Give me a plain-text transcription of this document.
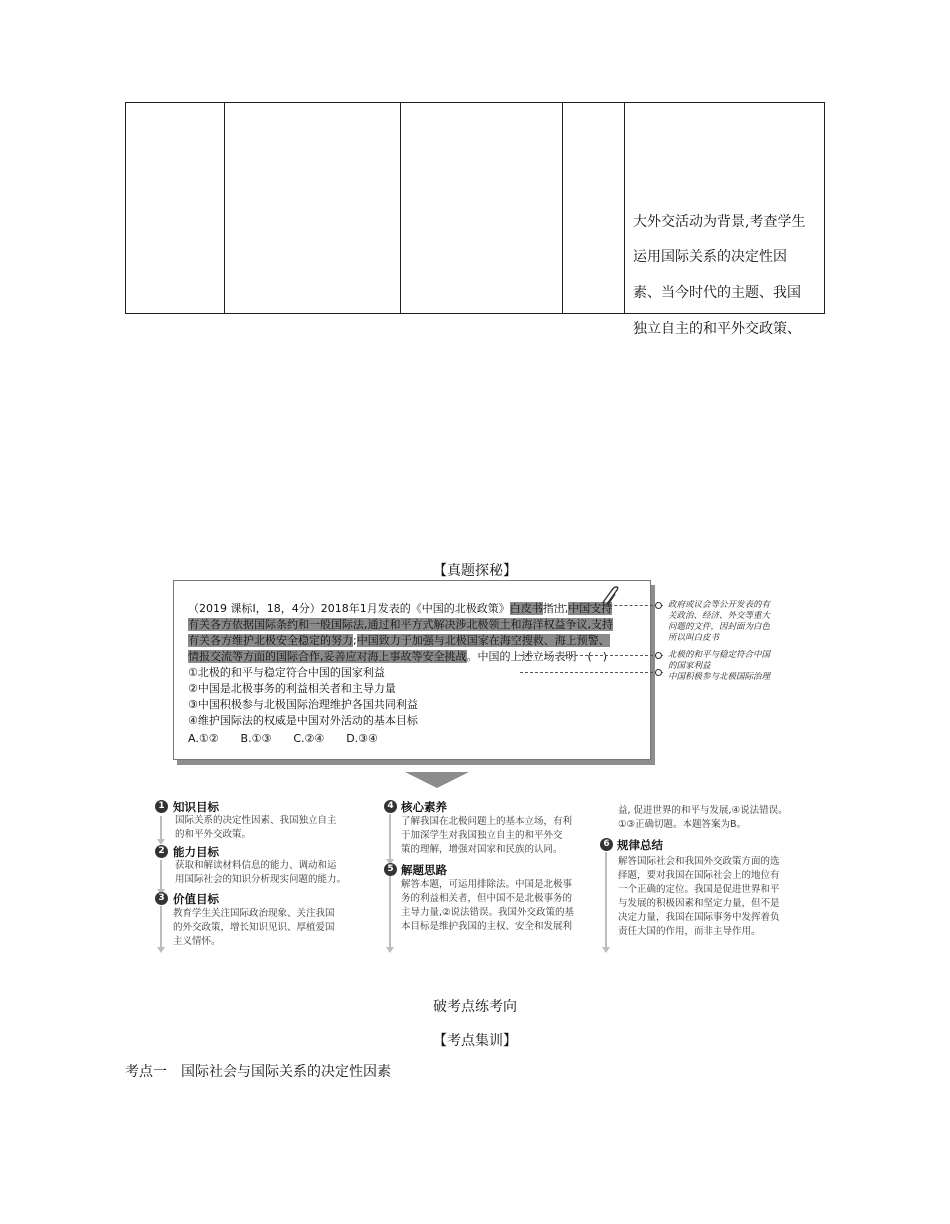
大外交活动为背景,考查学生
运用国际关系的决定性因
素、当今时代的主题、我国
独立自主的和平外交政策、
【真题探秘】
（2019 课标Ⅰ，18，4分）2018年1月发表的《中国的北极政策》白皮书指出,中国支持
有关各方依据国际条约和一般国际法,通过和平方式解决涉北极领土和海洋权益争议,支持
有关各方维护北极安全稳定的努力;中国致力于加强与北极国家在海空搜救、海上预警、
情报交流等方面的国际合作,妥善应对海上事故等安全挑战。中国的上述立场表明　(　)
①北极的和平与稳定符合中国的国家利益
②中国是北极事务的利益相关者和主导力量
③中国积极参与北极国际治理维护各国共同利益
④维护国际法的权威是中国对外活动的基本目标
A.①②　　B.①③　　C.②④　　D.③④
政府或议会等公开发表的有
关政治、经济、外交等重大
问题的文件，因封面为白色
所以叫白皮书
北极的和平与稳定符合中国
的国家利益
中国积极参与北极国际治理
1 知识目标
国际关系的决定性因素、我国独立自主
的和平外交政策。
2 能力目标
获取和解读材料信息的能力、调动和运
用国际社会的知识分析现实问题的能力。
3 价值目标
教育学生关注国际政治现象、关注我国
的外交政策，增长知识见识、厚植爱国
主义情怀。
4 核心素养
了解我国在北极问题上的基本立场，有利
于加深学生对我国独立自主的和平外交
策的理解，增强对国家和民族的认同。
5 解题思路
解答本题，可运用排除法。中国是北极事
务的利益相关者，但中国不是北极事务的
主导力量,②说法错误。我国外交政策的基
本目标是维护我国的主权、安全和发展利
益, 促进世界的和平与发展,④说法错误。
①③正确切题。本题答案为B。
6 规律总结
解答国际社会和我国外交政策方面的选
择题，要对我国在国际社会上的地位有
一个正确的定位。我国是促进世界和平
与发展的积极因素和坚定力量，但不是
决定力量，我国在国际事务中发挥着负
责任大国的作用，而非主导作用。
破考点练考向
【考点集训】
考点一　国际社会与国际关系的决定性因素
